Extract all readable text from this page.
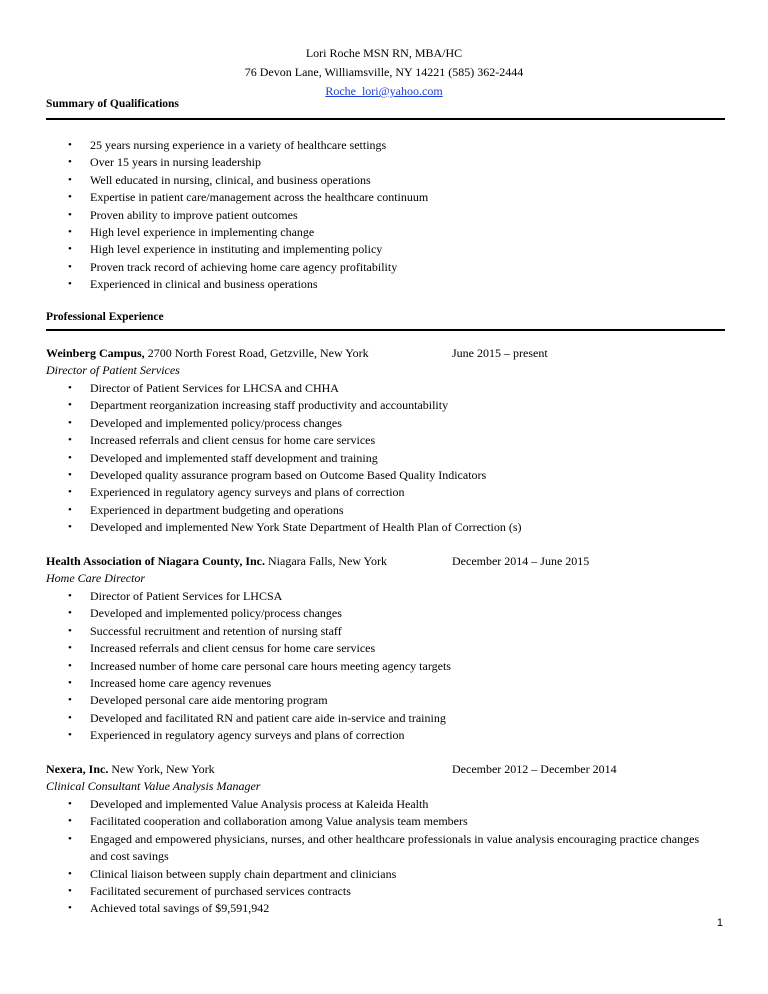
Lori Roche MSN RN, MBA/HC
76 Devon Lane, Williamsville, NY 14221 (585) 362-2444
Roche_lori@yahoo.com
Summary of Qualifications
• 25 years nursing experience in a variety of healthcare settings
• Over 15 years in nursing leadership
• Well educated in nursing, clinical, and business operations
• Expertise in patient care/management across the healthcare continuum
• Proven ability to improve patient outcomes
• High level experience in implementing change
• High level experience in instituting and implementing policy
• Proven track record of achieving home care agency profitability
• Experienced in clinical and business operations
Professional Experience
Weinberg Campus, 2700 North Forest Road, Getzville, New York	June 2015 – present
Director of Patient Services
• Director of Patient Services for LHCSA and CHHA
• Department reorganization increasing staff productivity and accountability
• Developed and implemented policy/process changes
• Increased referrals and client census for home care services
• Developed and implemented staff development and training
• Developed quality assurance program based on Outcome Based Quality Indicators
• Experienced in regulatory agency surveys and plans of correction
• Experienced in department budgeting and operations
• Developed and implemented New York State Department of Health Plan of Correction (s)
Health Association of Niagara County, Inc. Niagara Falls, New York	December 2014 – June 2015
Home Care Director
• Director of Patient Services for LHCSA
• Developed and implemented policy/process changes
• Successful recruitment and retention of nursing staff
• Increased referrals and client census for home care services
• Increased number of home care personal care hours meeting agency targets
• Increased home care agency revenues
• Developed personal care aide mentoring program
• Developed and facilitated RN and patient care aide in-service and training
• Experienced in regulatory agency surveys and plans of correction
Nexera, Inc. New York, New York	December 2012 – December 2014
Clinical Consultant Value Analysis Manager
• Developed and implemented Value Analysis process at Kaleida Health
• Facilitated cooperation and collaboration among Value analysis team members
• Engaged and empowered physicians, nurses, and other healthcare professionals in value analysis encouraging practice changes and cost savings
• Clinical liaison between supply chain department and clinicians
• Facilitated securement of purchased services contracts
• Achieved total savings of $9,591,942
1
